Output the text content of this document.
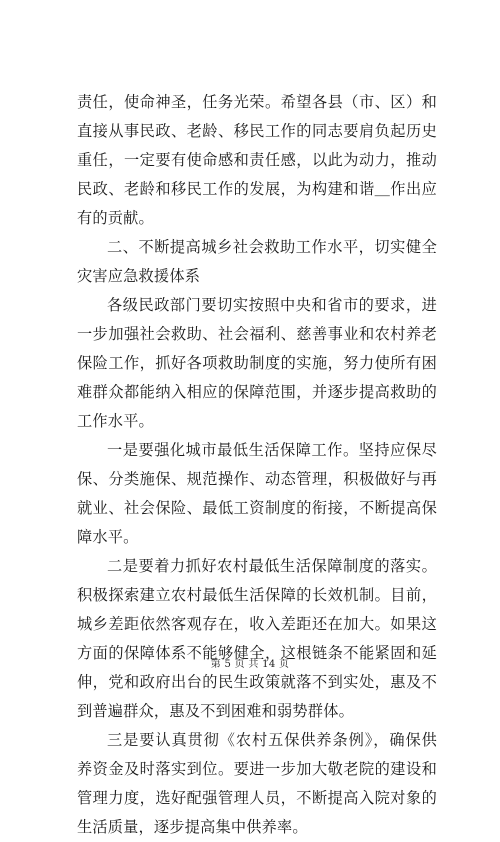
责任，使命神圣，任务光荣。希望各县（市、区）和直接从事民政、老龄、移民工作的同志要肩负起历史重任，一定要有使命感和责任感，以此为动力，推动民政、老龄和移民工作的发展，为构建和谐＿作出应有的贡献。

二、不断提高城乡社会救助工作水平，切实健全灾害应急救援体系

各级民政部门要切实按照中央和省市的要求，进一步加强社会救助、社会福利、慈善事业和农村养老保险工作，抓好各项救助制度的实施，努力使所有困难群众都能纳入相应的保障范围，并逐步提高救助的工作水平。

一是要强化城市最低生活保障工作。坚持应保尽保、分类施保、规范操作、动态管理，积极做好与再就业、社会保险、最低工资制度的衔接，不断提高保障水平。

二是要着力抓好农村最低生活保障制度的落实。积极探索建立农村最低生活保障的长效机制。目前，城乡差距依然客观存在，收入差距还在加大。如果这方面的保障体系不能够健全，这根链条不能紧固和延伸，党和政府出台的民生政策就落不到实处，惠及不到普遍群众，惠及不到困难和弱势群体。

三是要认真贯彻《农村五保供养条例》，确保供养资金及时落实到位。要进一步加大敬老院的建设和管理力度，选好配强管理人员，不断提高入院对象的生活质量，逐步提高集中供养率。

第 5 页 共 14 页
